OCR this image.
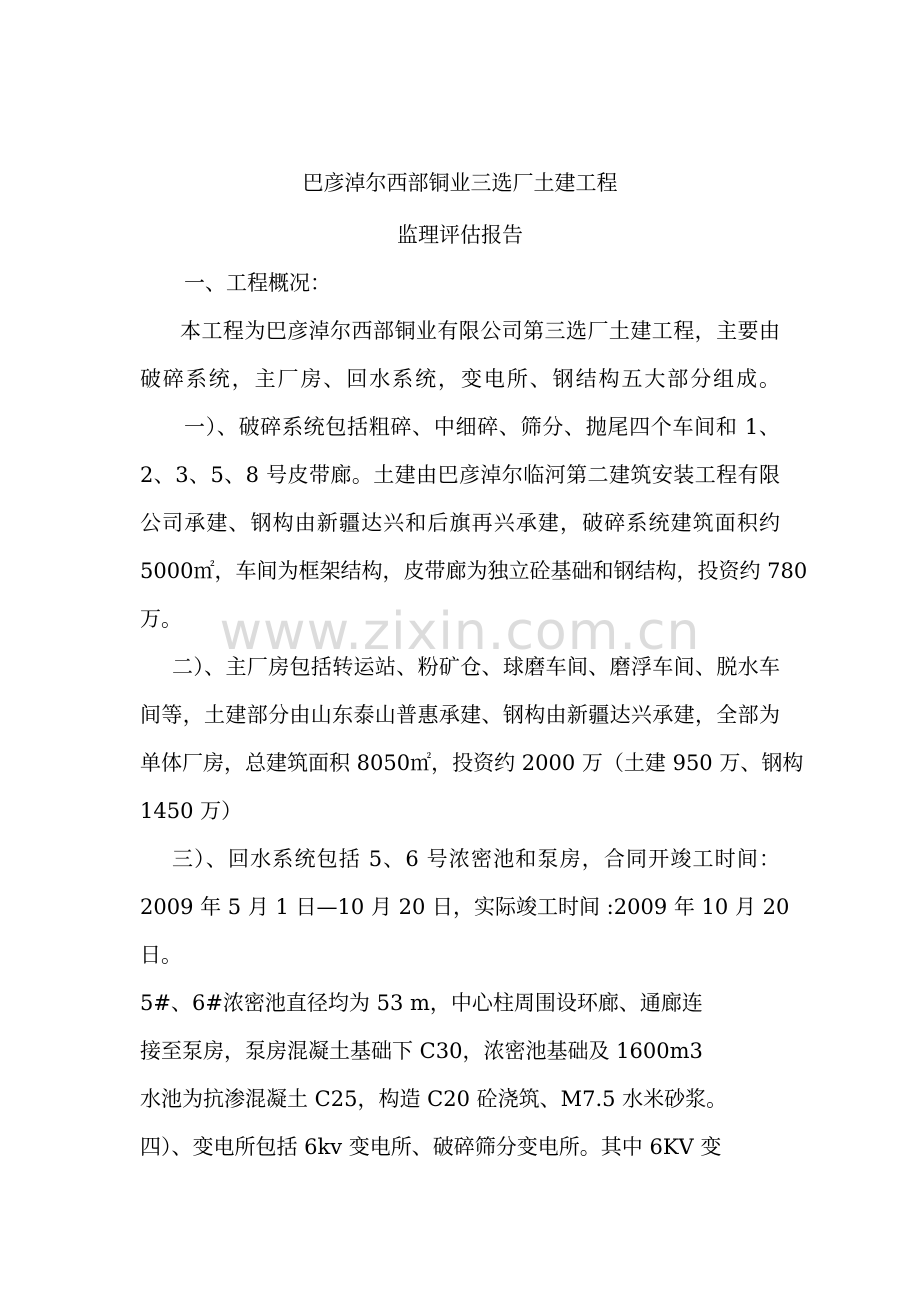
www.zixin.com.cn
巴彦淖尔西部铜业三选厂土建工程
监理评估报告
一、工程概况：
本工程为巴彦淖尔西部铜业有限公司第三选厂土建工程，主要由
破碎系统，主厂房、回水系统，变电所、钢结构五大部分组成。
一）、破碎系统包括粗碎、中细碎、筛分、抛尾四个车间和 1、
2、3、5、8 号皮带廊。土建由巴彦淖尔临河第二建筑安装工程有限
公司承建、钢构由新疆达兴和后旗再兴承建，破碎系统建筑面积约
5000㎡，车间为框架结构，皮带廊为独立砼基础和钢结构，投资约 780
万。
二）、主厂房包括转运站、粉矿仓、球磨车间、磨浮车间、脱水车
间等，土建部分由山东泰山普惠承建、钢构由新疆达兴承建，全部为
单体厂房，总建筑面积 8050㎡，投资约 2000 万（土建 950 万、钢构
1450 万）
三）、回水系统包括 5、6 号浓密池和泵房，合同开竣工时间：
2009 年 5 月 1 日—10 月 20 日，实际竣工时间 :2009 年 10 月 20
日。
5#、6#浓密池直径均为 53 m，中心柱周围设环廊、通廊连
接至泵房，泵房混凝土基础下 C30，浓密池基础及 1600m3
水池为抗渗混凝土 C25，构造 C20 砼浇筑、M7.5 水米砂浆。
四）、变电所包括 6kv 变电所、破碎筛分变电所。其中 6KV 变
